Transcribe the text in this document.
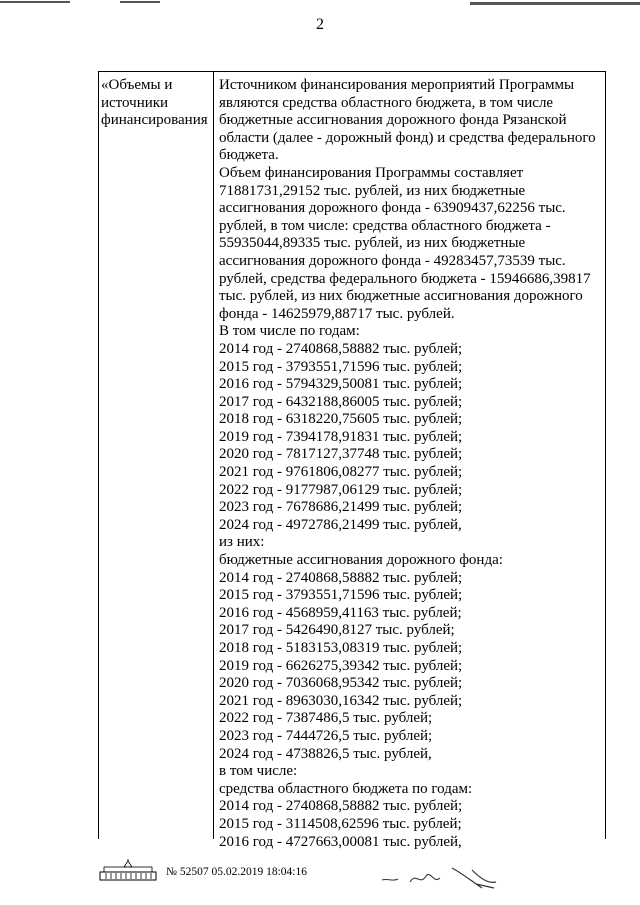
2
«Объемы и
источники
финансирования
Источником финансирования мероприятий Программы
являются средства областного бюджета, в том числе
бюджетные ассигнования дорожного фонда Рязанской
области (далее - дорожный фонд) и средства федерального
бюджета.
Объем финансирования Программы составляет
71881731,29152 тыс. рублей, из них бюджетные
ассигнования дорожного фонда - 63909437,62256 тыс.
рублей, в том числе: средства областного бюджета -
55935044,89335 тыс. рублей, из них бюджетные
ассигнования дорожного фонда - 49283457,73539 тыс.
рублей, средства федерального бюджета - 15946686,39817
тыс. рублей, из них бюджетные ассигнования дорожного
фонда - 14625979,88717 тыс. рублей.
В том числе по годам:
2014 год - 2740868,58882 тыс. рублей;
2015 год - 3793551,71596 тыс. рублей;
2016 год - 5794329,50081 тыс. рублей;
2017 год - 6432188,86005 тыс. рублей;
2018 год - 6318220,75605 тыс. рублей;
2019 год - 7394178,91831 тыс. рублей;
2020 год - 7817127,37748 тыс. рублей;
2021 год - 9761806,08277 тыс. рублей;
2022 год - 9177987,06129 тыс. рублей;
2023 год - 7678686,21499 тыс. рублей;
2024 год - 4972786,21499 тыс. рублей,
из них:
бюджетные ассигнования дорожного фонда:
2014 год - 2740868,58882 тыс. рублей;
2015 год - 3793551,71596 тыс. рублей;
2016 год - 4568959,41163 тыс. рублей;
2017 год - 5426490,8127 тыс. рублей;
2018 год - 5183153,08319 тыс. рублей;
2019 год - 6626275,39342 тыс. рублей;
2020 год - 7036068,95342 тыс. рублей;
2021 год - 8963030,16342 тыс. рублей;
2022 год - 7387486,5 тыс. рублей;
2023 год - 7444726,5 тыс. рублей;
2024 год - 4738826,5 тыс. рублей,
в том числе:
средства областного бюджета по годам:
2014 год - 2740868,58882 тыс. рублей;
2015 год - 3114508,62596 тыс. рублей;
2016 год - 4727663,00081 тыс. рублей,
№ 52507 05.02.2019 18:04:16
